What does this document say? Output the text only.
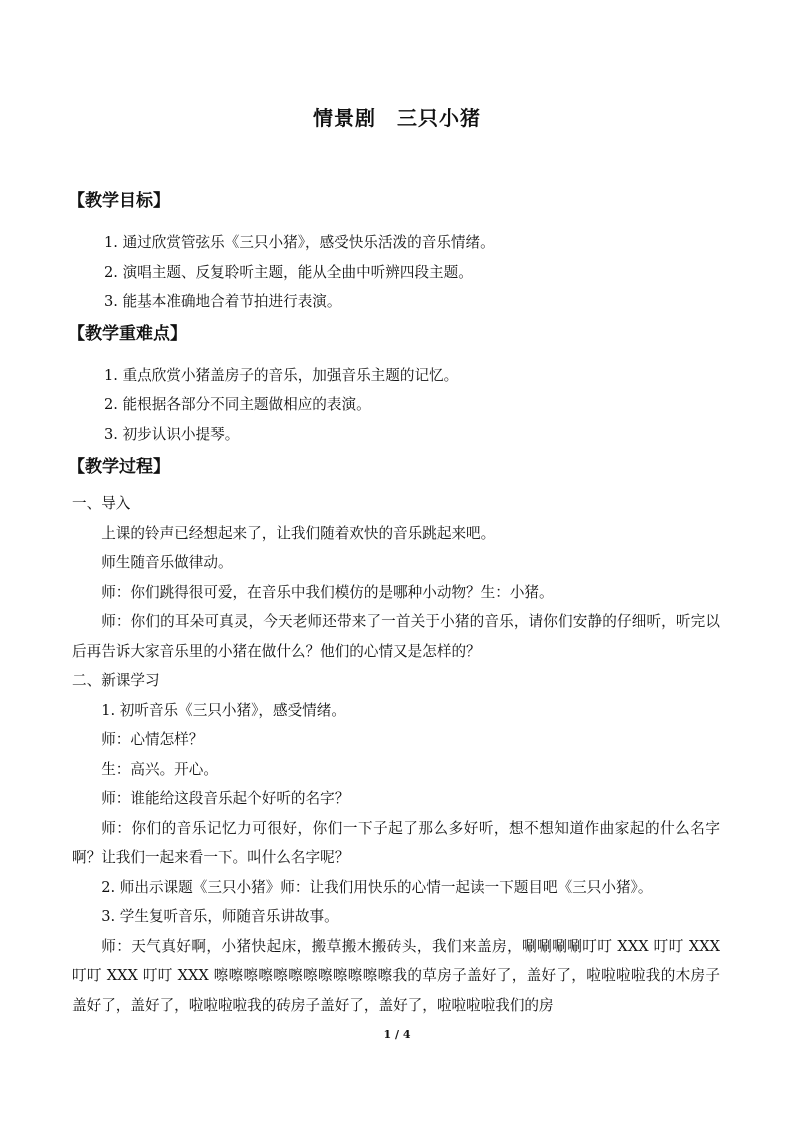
情景剧　三只小猪
【教学目标】
1. 通过欣赏管弦乐《三只小猪》，感受快乐活泼的音乐情绪。
2. 演唱主题、反复聆听主题，能从全曲中听辨四段主题。
3. 能基本准确地合着节拍进行表演。
【教学重难点】
1. 重点欣赏小猪盖房子的音乐，加强音乐主题的记忆。
2. 能根据各部分不同主题做相应的表演。
3. 初步认识小提琴。
【教学过程】
一、导入
上课的铃声已经想起来了，让我们随着欢快的音乐跳起来吧。
师生随音乐做律动。
师：你们跳得很可爱，在音乐中我们模仿的是哪种小动物？生：小猪。
师：你们的耳朵可真灵，今天老师还带来了一首关于小猪的音乐，请你们安静的仔细听，听完以后再告诉大家音乐里的小猪在做什么？他们的心情又是怎样的？
二、新课学习
1. 初听音乐《三只小猪》，感受情绪。
师：心情怎样？
生：高兴。开心。
师：谁能给这段音乐起个好听的名字？
师：你们的音乐记忆力可很好，你们一下子起了那么多好听，想不想知道作曲家起的什么名字啊？让我们一起来看一下。叫什么名字呢？
2. 师出示课题《三只小猪》师：让我们用快乐的心情一起读一下题目吧《三只小猪》。
3. 学生复听音乐，师随音乐讲故事。
师：天气真好啊，小猪快起床，搬草搬木搬砖头，我们来盖房，唰唰唰唰叮叮 XXX 叮叮 XXX 叮叮 XXX 叮叮 XXX 嚓嚓嚓嚓嚓嚓嚓嚓嚓嚓嚓嚓我的草房子盖好了，盖好了，啦啦啦啦我的木房子盖好了，盖好了，啦啦啦啦我的砖房子盖好了，盖好了，啦啦啦啦我们的房
1 / 4
